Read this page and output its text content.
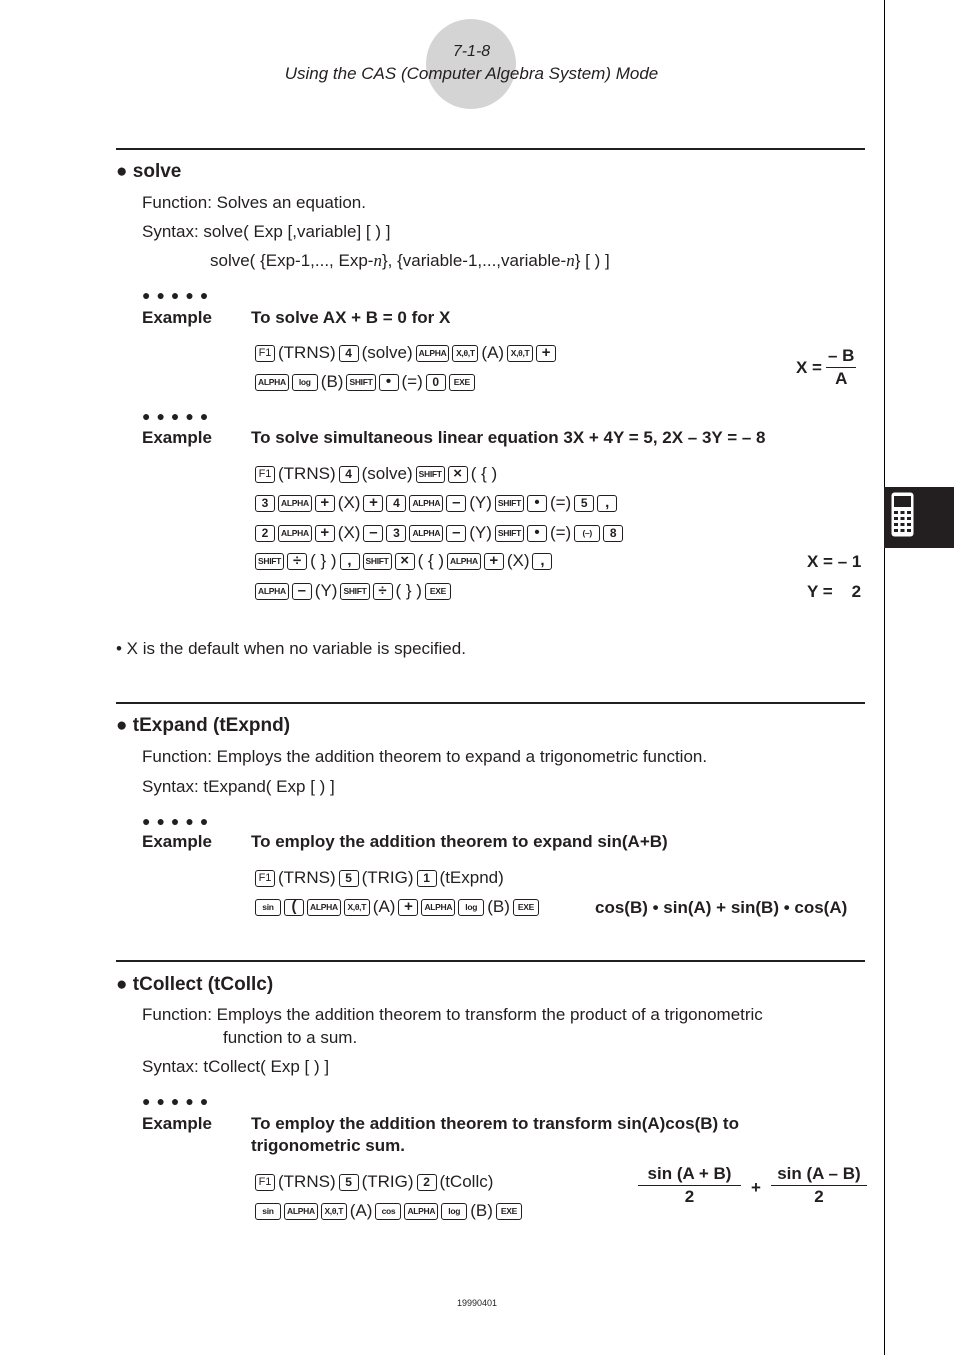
7-1-8
Using the CAS (Computer Algebra System) Mode
● solve
Function: Solves an equation.
Syntax: solve( Exp [,variable] [ ) ]
solve( {Exp-1,..., Exp-n}, {variable-1,...,variable-n} [ ) ]
●●●●●
Example To solve AX + B = 0 for X
F1 (TRNS) 4 (solve) ALPHA	X,θ,T (A) X,θ,T +
ALPHA	log (B) SHIFT • (=) 0	EXE
$X = \frac{- B}{A}$
●●●●●
Example To solve simultaneous linear equation 3X + 4Y = 5, 2X – 3Y = – 8
F1 (TRNS) 4 (solve) SHIFT × ( { )
3	ALPHA + (X) +	4	ALPHA – (Y) SHIFT • (=) 5	,
2	ALPHA + (X) –	3	ALPHA – (Y) SHIFT • (=)	(–)	8
SHIFT ÷ ( } ) ,	SHIFT × ( { ) ALPHA + (X) ,
ALPHA – (Y) SHIFT ÷ ( } ) EXE
X = – 1
Y =    2
• X is the default when no variable is specified.
● tExpand (tExpnd)
Function: Employs the addition theorem to expand a trigonometric function.
Syntax: tExpand( Exp [ ) ]
●●●●●
Example To employ the addition theorem to expand sin(A+B)
F1 (TRNS) 5 (TRIG) 1 (tExpnd)
sin	(	ALPHA	X,θ,T (A) +	ALPHA	log (B) EXE	cos(B) • sin(A) + sin(B) • cos(A)
● tCollect (tCollc)
Function: Employs the addition theorem to transform the product of a trigonometric
function to a sum.
Syntax: tCollect( Exp [ ) ]
●●●●●
Example To employ the addition theorem to transform sin(A)cos(B) to
trigonometric sum.
F1 (TRNS) 5 (TRIG) 2 (tCollc)
sin	ALPHA	X,θ,T (A)	cos	ALPHA	log (B) EXE
$\frac{\sin (A + B)}{2} + \frac{\sin (A - B)}{2}$
19990401
